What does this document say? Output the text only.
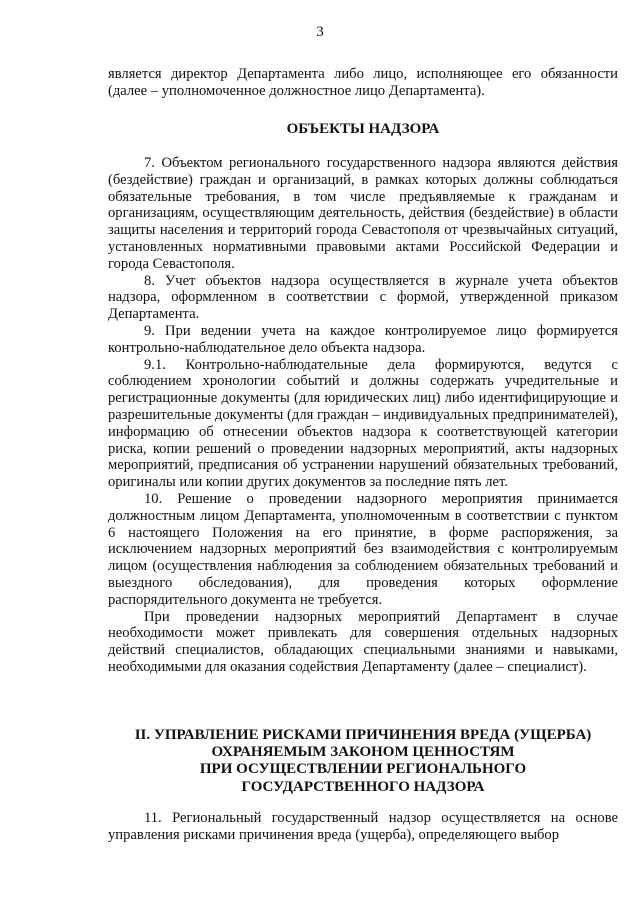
3

является директор Департамента либо лицо, исполняющее его обязанности (далее – уполномоченное должностное лицо Департамента).

ОБЪЕКТЫ НАДЗОРА

7. Объектом регионального государственного надзора являются действия (бездействие) граждан и организаций, в рамках которых должны соблюдаться обязательные требования, в том числе предъявляемые к гражданам и организациям, осуществляющим деятельность, действия (бездействие) в области защиты населения и территорий города Севастополя от чрезвычайных ситуаций, установленных нормативными правовыми актами Российской Федерации и города Севастополя.

8. Учет объектов надзора осуществляется в журнале учета объектов надзора, оформленном в соответствии с формой, утвержденной приказом Департамента.

9. При ведении учета на каждое контролируемое лицо формируется контрольно-наблюдательное дело объекта надзора.

9.1. Контрольно-наблюдательные дела формируются, ведутся с соблюдением хронологии событий и должны содержать учредительные и регистрационные документы (для юридических лиц) либо идентифицирующие и разрешительные документы (для граждан – индивидуальных предпринимателей), информацию об отнесении объектов надзора к соответствующей категории риска, копии решений о проведении надзорных мероприятий, акты надзорных мероприятий, предписания об устранении нарушений обязательных требований, оригиналы или копии других документов за последние пять лет.

10. Решение о проведении надзорного мероприятия принимается должностным лицом Департамента, уполномоченным в соответствии с пунктом 6 настоящего Положения на его принятие, в форме распоряжения, за исключением надзорных мероприятий без взаимодействия с контролируемым лицом (осуществления наблюдения за соблюдением обязательных требований и выездного обследования), для проведения которых оформление распорядительного документа не требуется.

При проведении надзорных мероприятий Департамент в случае необходимости может привлекать для совершения отдельных надзорных действий специалистов, обладающих специальными знаниями и навыками, необходимыми для оказания содействия Департаменту (далее – специалист).

II. УПРАВЛЕНИЕ РИСКАМИ ПРИЧИНЕНИЯ ВРЕДА (УЩЕРБА)
ОХРАНЯЕМЫМ ЗАКОНОМ ЦЕННОСТЯМ
ПРИ ОСУЩЕСТВЛЕНИИ РЕГИОНАЛЬНОГО
ГОСУДАРСТВЕННОГО НАДЗОРА

11. Региональный государственный надзор осуществляется на основе управления рисками причинения вреда (ущерба), определяющего выбор
